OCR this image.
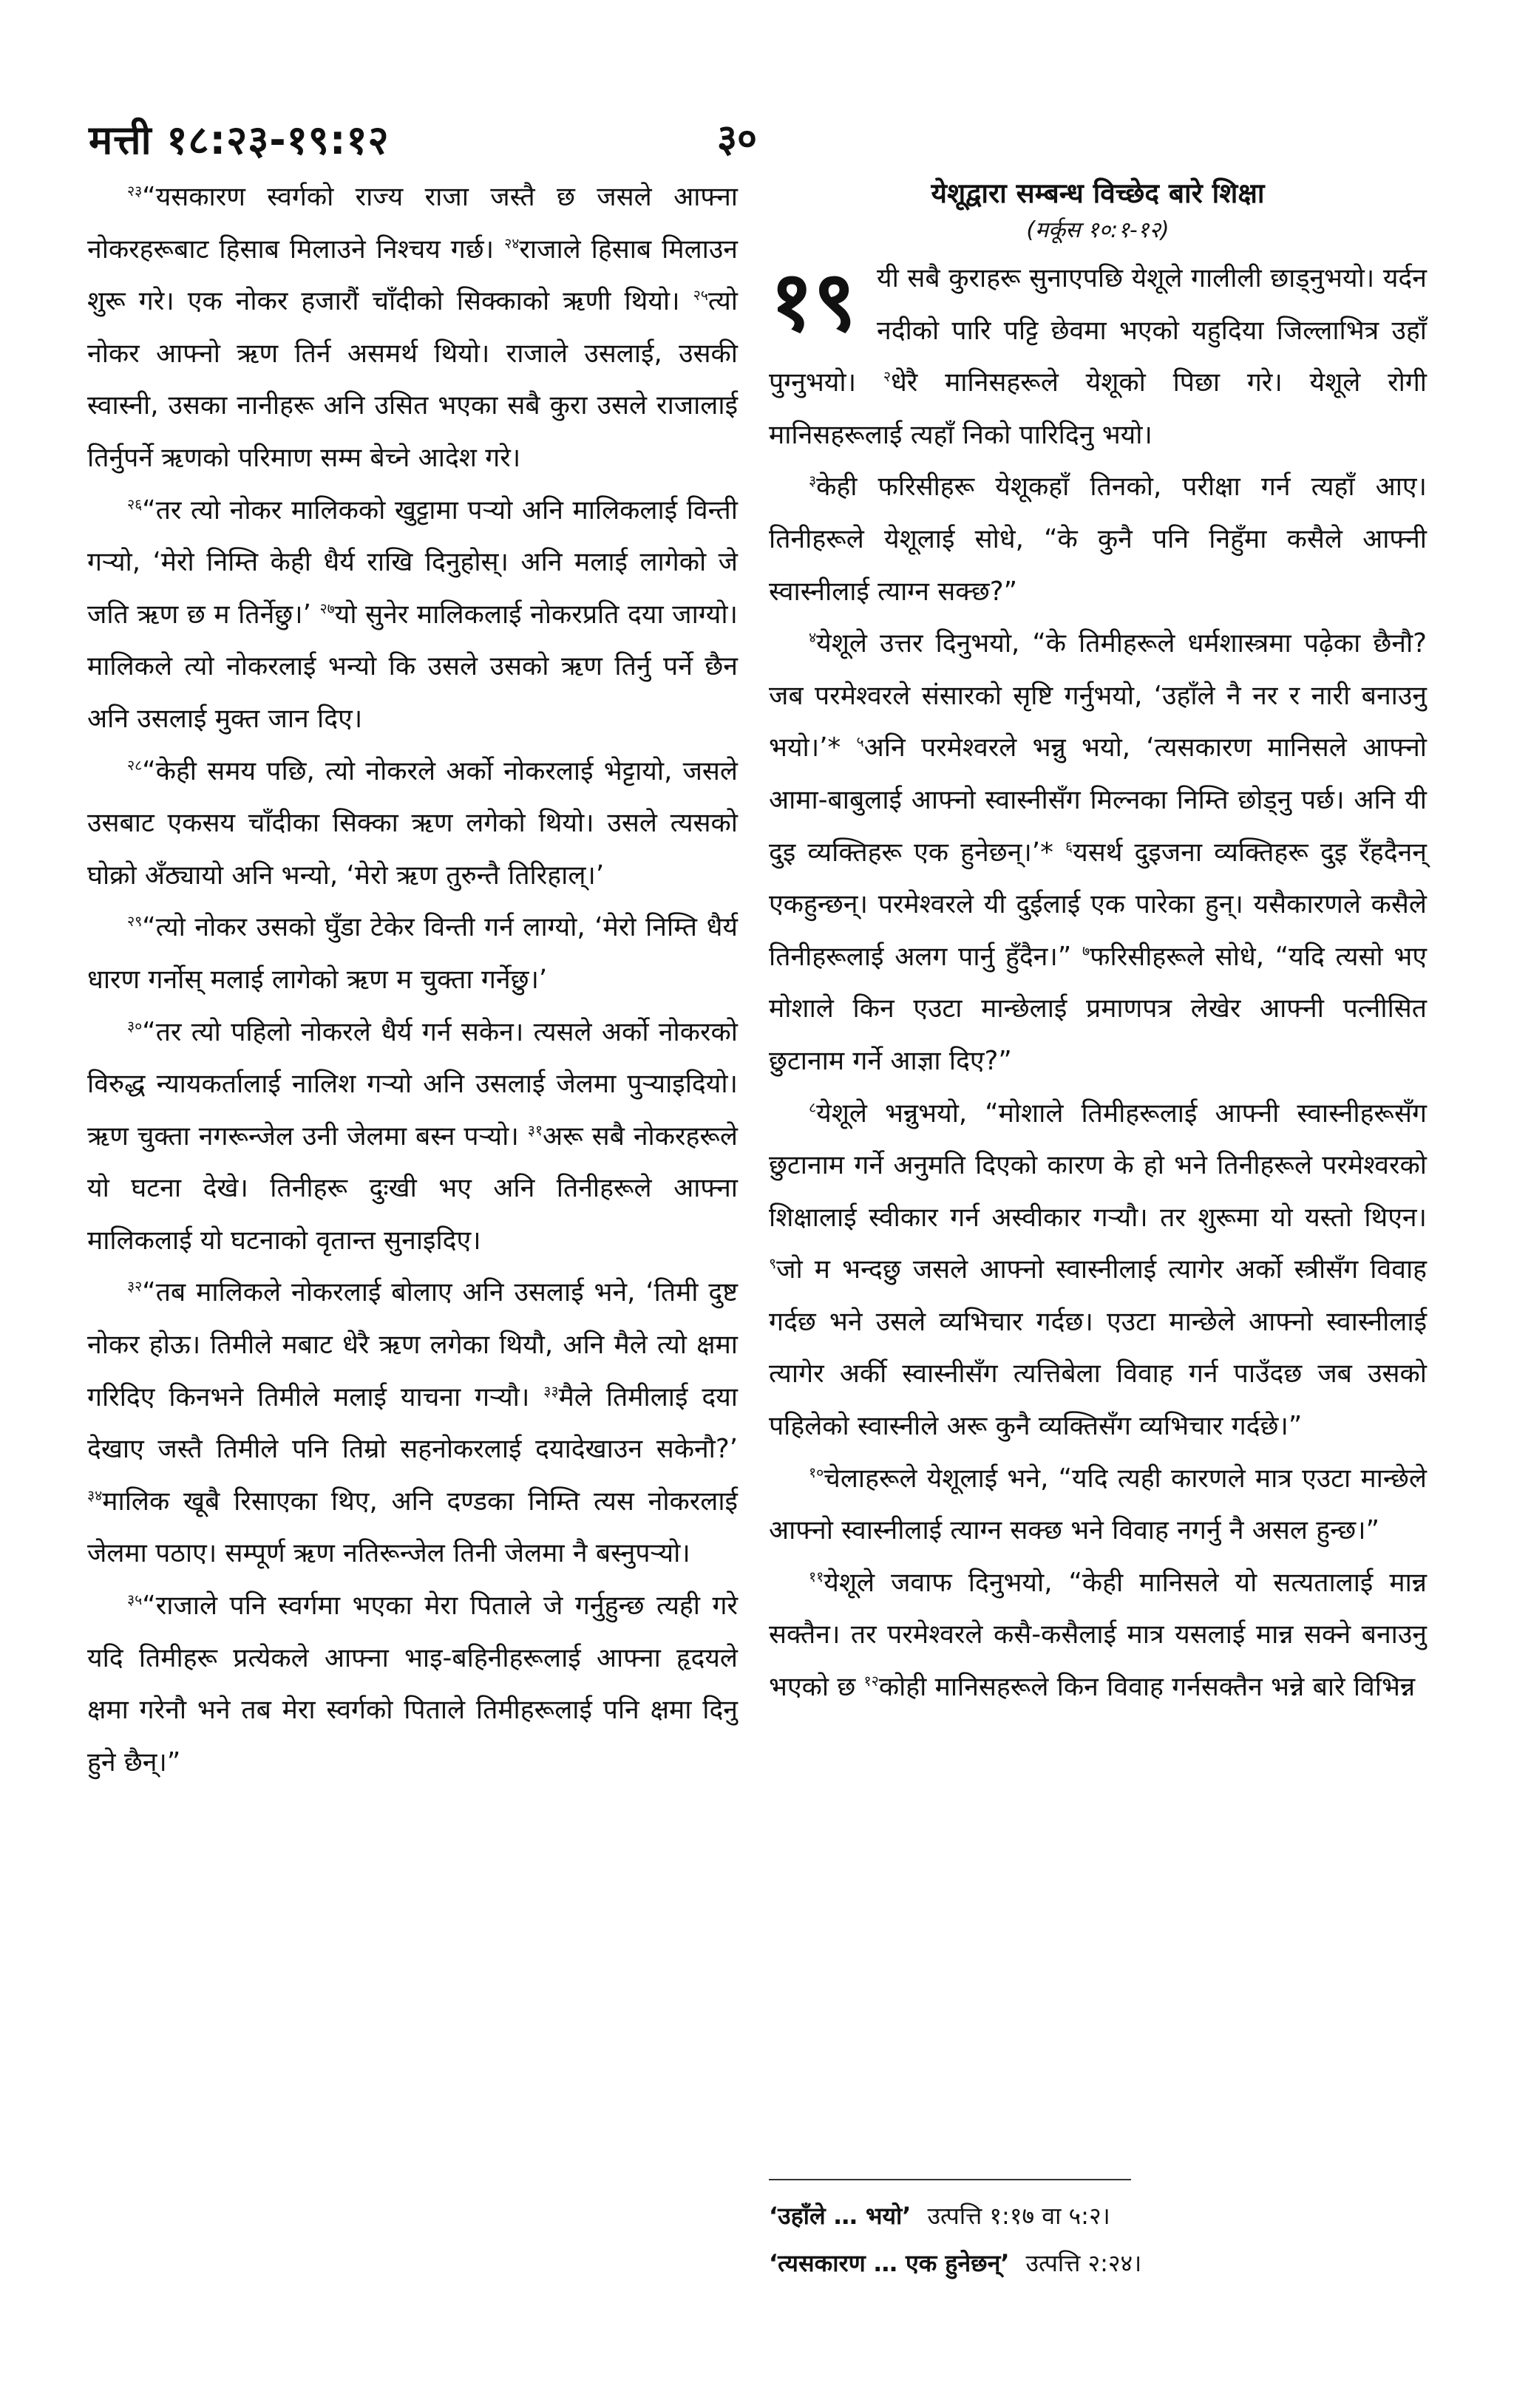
मत्ती १८:२३-१९:१२	३०

$^{२३}$“यसकारण स्वर्गको राज्य राजा जस्तै छ जसले आफ्ना नोकरहरूबाट हिसाब मिलाउने निश्चय गर्छ। $^{२४}$राजाले हिसाब मिलाउन शुरू गरे। एक नोकर हजारौं चाँदीको सिक्काको ऋणी थियो। $^{२५}$त्यो नोकर आफ्नो ऋण तिर्न असमर्थ थियो। राजाले उसलाई, उसकी स्वास्नी, उसका नानीहरू अनि उसित भएका सबै कुरा उसले राजालाई तिर्नुपर्ने ऋणको परिमाण सम्म बेच्ने आदेश गरे।

$^{२६}$“तर त्यो नोकर मालिकको खुट्टामा पर्‍यो अनि मालिकलाई विन्ती गर्‍यो, ‘मेरो निम्ति केही धैर्य राखि दिनुहोस्। अनि मलाई लागेको जे जति ऋण छ म तिर्नेछु।’ $^{२७}$यो सुनेर मालिकलाई नोकरप्रति दया जाग्यो। मालिकले त्यो नोकरलाई भन्यो कि उसले उसको ऋण तिर्नु पर्ने छैन अनि उसलाई मुक्त जान दिए।

$^{२८}$“केही समय पछि, त्यो नोकरले अर्को नोकरलाई भेट्टायो, जसले उसबाट एकसय चाँदीका सिक्का ऋण लगेको थियो। उसले त्यसको घोक्रो अँठ्यायो अनि भन्यो, ‘मेरो ऋण तुरुन्तै तिरिहाल्।’

$^{२९}$“त्यो नोकर उसको घुँडा टेकेर विन्ती गर्न लाग्यो, ‘मेरो निम्ति धैर्य धारण गर्नोस् मलाई लागेको ऋण म चुक्ता गर्नेछु।’

$^{३०}$“तर त्यो पहिलो नोकरले धैर्य गर्न सकेन। त्यसले अर्को नोकरको विरुद्ध न्यायकर्तालाई नालिश गर्‍यो अनि उसलाई जेलमा पुर्‍याइदियो। ऋण चुक्ता नगरून्जेल उनी जेलमा बस्न पर्‍यो। $^{३१}$अरू सबै नोकरहरूले यो घटना देखे। तिनीहरू दुःखी भए अनि तिनीहरूले आफ्ना मालिकलाई यो घटनाको वृतान्त सुनाइदिए।

$^{३२}$“तब मालिकले नोकरलाई बोलाए अनि उसलाई भने, ‘तिमी दुष्ट नोकर होऊ। तिमीले मबाट धेरै ऋण लगेका थियौ, अनि मैले त्यो क्षमा गरिदिए किनभने तिमीले मलाई याचना गर्‍यौ। $^{३३}$मैले तिमीलाई दया देखाए जस्तै तिमीले पनि तिम्रो सहनोकरलाई दयादेखाउन सकेनौ?’ $^{३४}$मालिक खूबै रिसाएका थिए, अनि दण्डका निम्ति त्यस नोकरलाई जेलमा पठाए। सम्पूर्ण ऋण नतिरून्जेल तिनी जेलमा नै बस्नुपर्‍यो।

$^{३५}$“राजाले पनि स्वर्गमा भएका मेरा पिताले जे गर्नुहुन्छ त्यही गरे यदि तिमीहरू प्रत्येकले आफ्ना भाइ-बहिनीहरूलाई आफ्ना हृदयले क्षमा गरेनौ भने तब मेरा स्वर्गको पिताले तिमीहरूलाई पनि क्षमा दिनु हुने छैन्।”

येशूद्वारा सम्बन्ध विच्छेद बारे शिक्षा

(मर्कूस १०:१-१२)

१९ यी सबै कुराहरू सुनाएपछि येशूले गालीली छाड्नुभयो। यर्दन नदीको पारि पट्टि छेवमा भएको यहुदिया जिल्लाभित्र उहाँ पुग्नुभयो। $^२$धेरै मानिसहरूले येशूको पिछा गरे। येशूले रोगी मानिसहरूलाई त्यहाँ निको पारिदिनु भयो।

$^३$केही फरिसीहरू येशूकहाँ तिनको, परीक्षा गर्न त्यहाँ आए। तिनीहरूले येशूलाई सोधे, “के कुनै पनि निहुँमा कसैले आफ्नी स्वास्नीलाई त्याग्न सक्छ?”

$^४$येशूले उत्तर दिनुभयो, “के तिमीहरूले धर्मशास्त्रमा पढ़ेका छैनौ? जब परमेश्वरले संसारको सृष्टि गर्नुभयो, ‘उहाँले नै नर र नारी बनाउनु भयो।’* $^५$अनि परमेश्वरले भन्नु भयो, ‘त्यसकारण मानिसले आफ्नो आमा-बाबुलाई आफ्नो स्वास्नीसँग मिल्नका निम्ति छोड्नु पर्छ। अनि यी दुइ व्यक्तिहरू एक हुनेछन्।’* $^६$यसर्थ दुइजना व्यक्तिहरू दुइ रँहदैनन् एकहुन्छन्। परमेश्वरले यी दुईलाई एक पारेका हुन्। यसैकारणले कसैले तिनीहरूलाई अलग पार्नु हुँदैन।” $^७$फरिसीहरूले सोधे, “यदि त्यसो भए मोशाले किन एउटा मान्छेलाई प्रमाणपत्र लेखेर आफ्नी पत्नीसित छुटानाम गर्ने आज्ञा दिए?”

$^८$येशूले भन्नुभयो, “मोशाले तिमीहरूलाई आफ्नी स्वास्नीहरूसँग छुटानाम गर्ने अनुमति दिएको कारण के हो भने तिनीहरूले परमेश्वरको शिक्षालाई स्वीकार गर्न अस्वीकार गर्‍यौ। तर शुरूमा यो यस्तो थिएन। $^९$जो म भन्दछु जसले आफ्नो स्वास्नीलाई त्यागेर अर्को स्त्रीसँग विवाह गर्दछ भने उसले व्यभिचार गर्दछ। एउटा मान्छेले आफ्नो स्वास्नीलाई त्यागेर अर्की स्वास्नीसँग त्यत्तिबेला विवाह गर्न पाउँदछ जब उसको पहिलेको स्वास्नीले अरू कुनै व्यक्तिसँग व्यभिचार गर्दछे।”

$^{१०}$चेलाहरूले येशूलाई भने, “यदि त्यही कारणले मात्र एउटा मान्छेले आफ्नो स्वास्नीलाई त्याग्न सक्छ भने विवाह नगर्नु नै असल हुन्छ।”

$^{११}$येशूले जवाफ दिनुभयो, “केही मानिसले यो सत्यतालाई मान्न सक्तैन। तर परमेश्वरले कसै-कसैलाई मात्र यसलाई मान्न सक्ने बनाउनु भएको छ $^{१२}$कोही मानिसहरूले किन विवाह गर्नसक्तैन भन्ने बारे विभिन्न

‘उहाँले … भयो’ उत्पत्ति १:१७ वा ५:२।

‘त्यसकारण … एक हुनेछन्’ उत्पत्ति २:२४।
